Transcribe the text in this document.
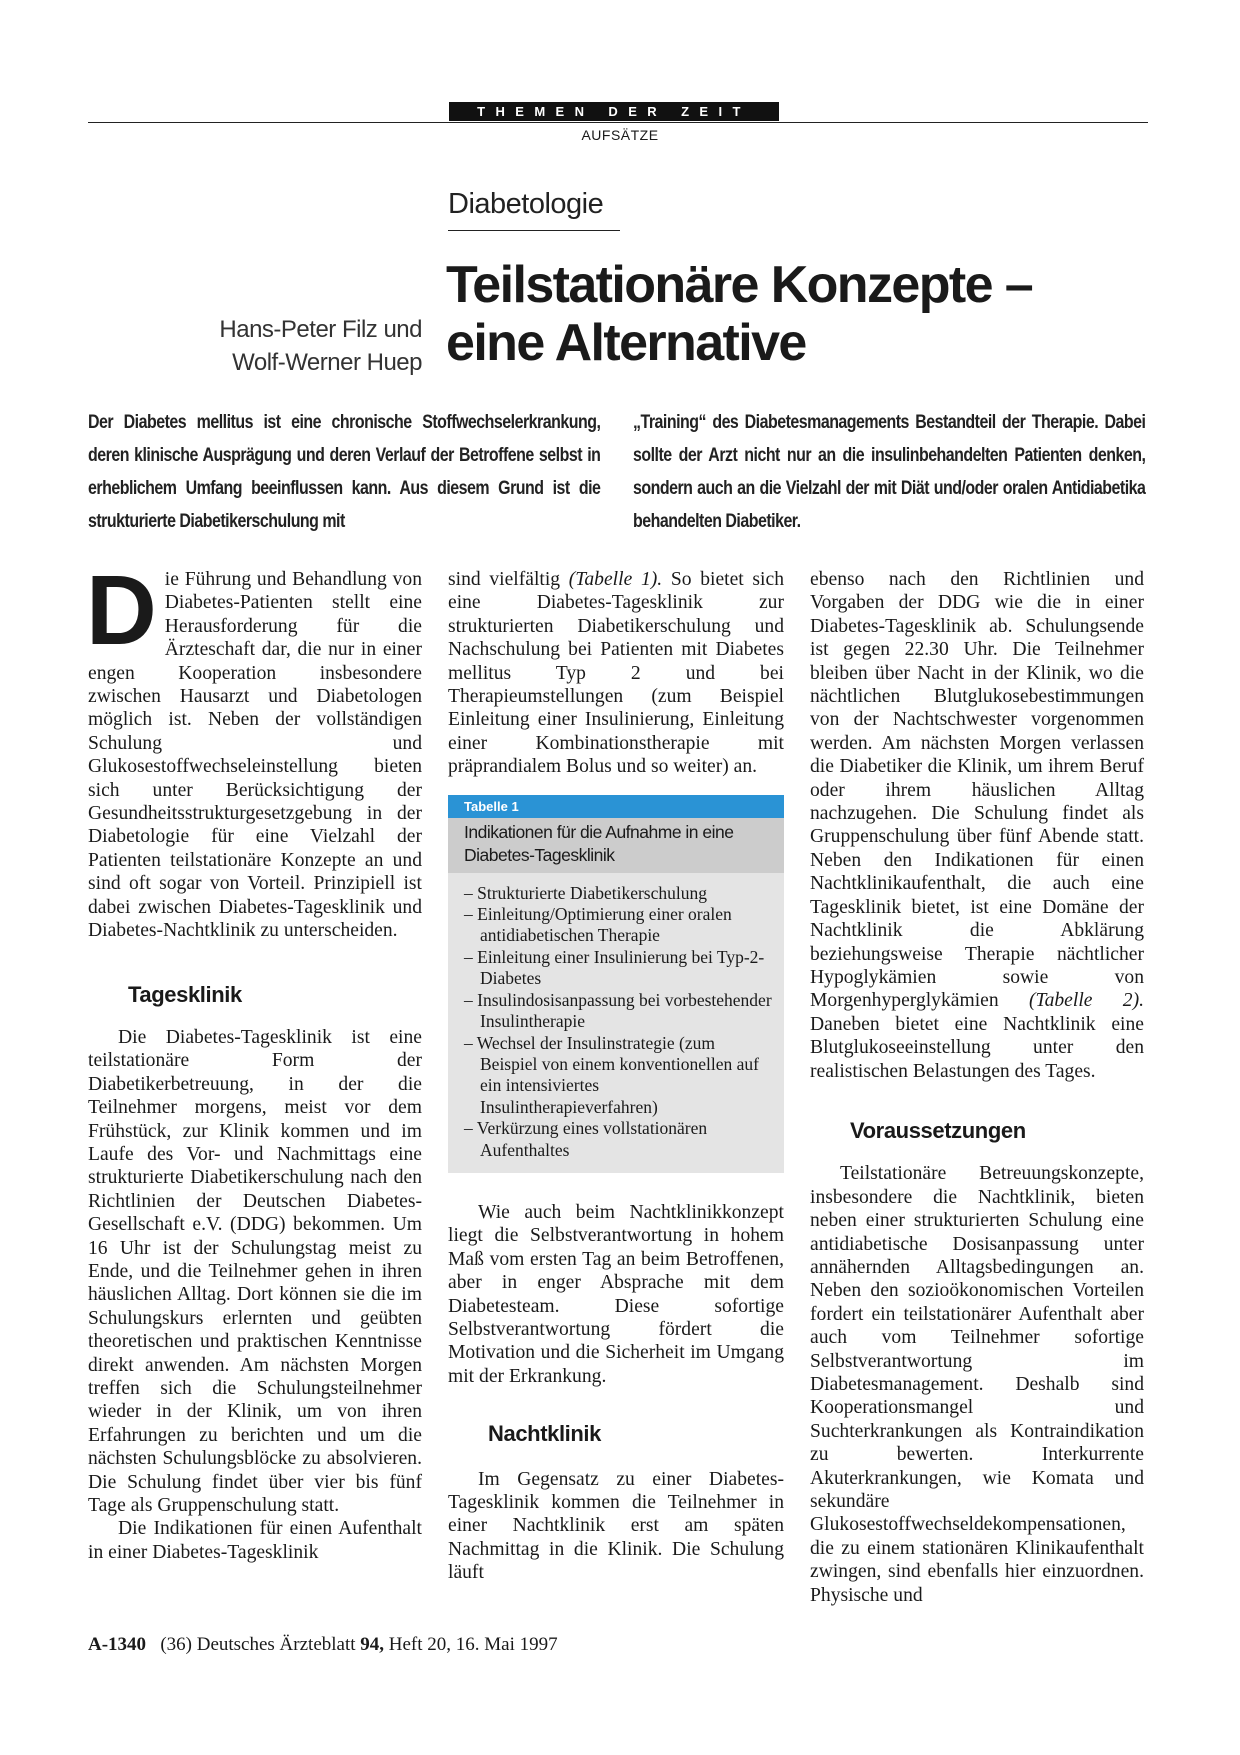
THEMEN DER ZEIT
AUFSÄTZE
Diabetologie
Teilstationäre Konzepte –
eine Alternative
Hans-Peter Filz und
Wolf-Werner Huep
Der Diabetes mellitus ist eine chronische Stoffwechselerkrankung, deren klinische Ausprägung und deren Verlauf der Betroffene selbst in erheblichem Umfang beeinflussen kann. Aus diesem Grund ist die strukturierte Diabetikerschulung mit
„Training“ des Diabetesmanagements Bestandteil der Therapie. Dabei sollte der Arzt nicht nur an die insulinbehandelten Patienten denken, sondern auch an die Vielzahl der mit Diät und/oder oralen Antidiabetika behandelten Diabetiker.

Die Führung und Behandlung von Diabetes-Patienten stellt eine Herausforderung für die Ärzteschaft dar, die nur in einer engen Kooperation insbesondere zwischen Hausarzt und Diabetologen möglich ist. Neben der vollständigen Schulung und Glukosestoffwechseleinstellung bieten sich unter Berücksichtigung der Gesundheitsstrukturgesetzgebung in der Diabetologie für eine Vielzahl der Patienten teilstationäre Konzepte an und sind oft sogar von Vorteil. Prinzipiell ist dabei zwischen Diabetes-Tagesklinik und Diabetes-Nachtklinik zu unterscheiden.

Tagesklinik

Die Diabetes-Tagesklinik ist eine teilstationäre Form der Diabetikerbetreuung, in der die Teilnehmer morgens, meist vor dem Frühstück, zur Klinik kommen und im Laufe des Vor- und Nachmittags eine strukturierte Diabetikerschulung nach den Richtlinien der Deutschen Diabetes-Gesellschaft e.V. (DDG) bekommen. Um 16 Uhr ist der Schulungstag meist zu Ende, und die Teilnehmer gehen in ihren häuslichen Alltag. Dort können sie die im Schulungskurs erlernten und geübten theoretischen und praktischen Kenntnisse direkt anwenden. Am nächsten Morgen treffen sich die Schulungsteilnehmer wieder in der Klinik, um von ihren Erfahrungen zu berichten und um die nächsten Schulungsblöcke zu absolvieren. Die Schulung findet über vier bis fünf Tage als Gruppenschulung statt.

Die Indikationen für einen Aufenthalt in einer Diabetes-Tagesklinik

sind vielfältig (Tabelle 1). So bietet sich eine Diabetes-Tagesklinik zur strukturierten Diabetikerschulung und Nachschulung bei Patienten mit Diabetes mellitus Typ 2 und bei Therapieumstellungen (zum Beispiel Einleitung einer Insulinierung, Einleitung einer Kombinationstherapie mit präprandialem Bolus und so weiter) an.

Tabelle 1
Indikationen für die Aufnahme in eine Diabetes-Tagesklinik
– Strukturierte Diabetikerschulung
– Einleitung/Optimierung einer oralen antidiabetischen Therapie
– Einleitung einer Insulinierung bei Typ-2-Diabetes
– Insulindosisanpassung bei vorbestehender Insulintherapie
– Wechsel der Insulinstrategie (zum Beispiel von einem konventionellen auf ein intensiviertes Insulintherapieverfahren)
– Verkürzung eines vollstationären Aufenthaltes

Wie auch beim Nachtklinikkonzept liegt die Selbstverantwortung in hohem Maß vom ersten Tag an beim Betroffenen, aber in enger Absprache mit dem Diabetesteam. Diese sofortige Selbstverantwortung fördert die Motivation und die Sicherheit im Umgang mit der Erkrankung.

Nachtklinik

Im Gegensatz zu einer Diabetes-Tagesklinik kommen die Teilnehmer in einer Nachtklinik erst am späten Nachmittag in die Klinik. Die Schulung läuft

ebenso nach den Richtlinien und Vorgaben der DDG wie die in einer Diabetes-Tagesklinik ab. Schulungsende ist gegen 22.30 Uhr. Die Teilnehmer bleiben über Nacht in der Klinik, wo die nächtlichen Blutglukosebestimmungen von der Nachtschwester vorgenommen werden. Am nächsten Morgen verlassen die Diabetiker die Klinik, um ihrem Beruf oder ihrem häuslichen Alltag nachzugehen. Die Schulung findet als Gruppenschulung über fünf Abende statt. Neben den Indikationen für einen Nachtklinikaufenthalt, die auch eine Tagesklinik bietet, ist eine Domäne der Nachtklinik die Abklärung beziehungsweise Therapie nächtlicher Hypoglykämien sowie von Morgenhyperglykämien (Tabelle 2). Daneben bietet eine Nachtklinik eine Blutglukoseeinstellung unter den realistischen Belastungen des Tages.

Voraussetzungen

Teilstationäre Betreuungskonzepte, insbesondere die Nachtklinik, bieten neben einer strukturierten Schulung eine antidiabetische Dosisanpassung unter annähernden Alltagsbedingungen an. Neben den sozioökonomischen Vorteilen fordert ein teilstationärer Aufenthalt aber auch vom Teilnehmer sofortige Selbstverantwortung im Diabetesmanagement. Deshalb sind Kooperationsmangel und Suchterkrankungen als Kontraindikation zu bewerten. Interkurrente Akuterkrankungen, wie Komata und sekundäre Glukosestoffwechseldekompensationen, die zu einem stationären Klinikaufenthalt zwingen, sind ebenfalls hier einzuordnen. Physische und

A-1340 (36) Deutsches Ärzteblatt 94, Heft 20, 16. Mai 1997
